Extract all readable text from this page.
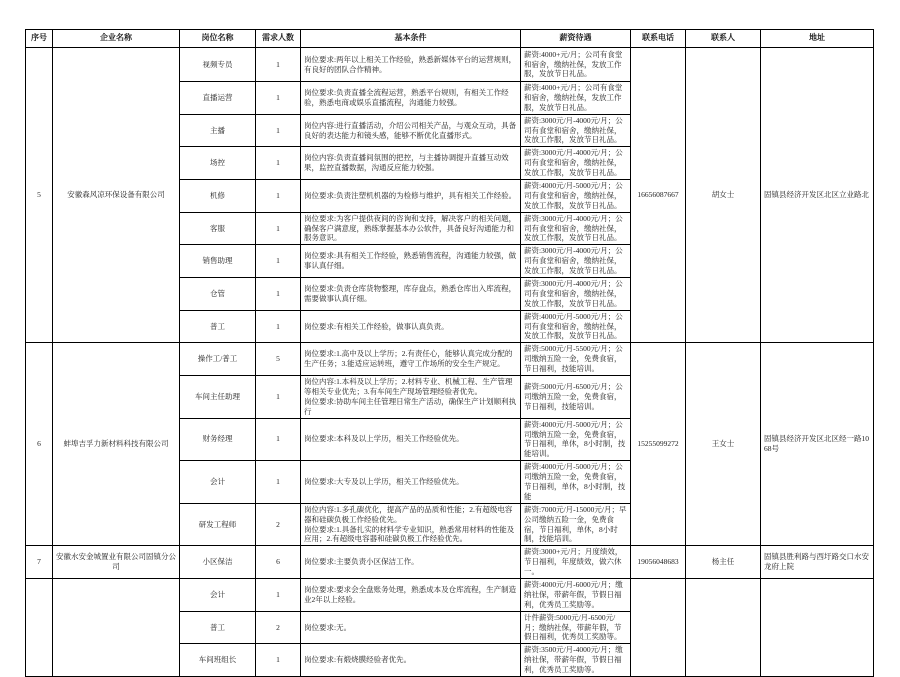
序号	企业名称	岗位名称	需求人数	基本条件	薪资待遇	联系电话	联系人	地址
5	安徽森风凉环保设备有限公司	视频专员	1	岗位要求:两年以上相关工作经验，熟悉新媒体平台的运营规则，有良好的团队合作精神。	薪资:4000+元/月；公司有食堂和宿舍，缴纳社保，发放工作服，发放节日礼品。	16656087667	胡女士	固镇县经济开发区北区立业路北
		直播运营	1	岗位要求:负责直播全流程运营，熟悉平台规则，有相关工作经验，熟悉电商或娱乐直播流程，沟通能力较强。	薪资:4000+元/月；公司有食堂和宿舍，缴纳社保，发放工作服，发放节日礼品。			
		主播	1	岗位内容:进行直播活动，介绍公司相关产品，与观众互动，具备良好的表达能力和镜头感，能够不断优化直播形式。	薪资:3000元/月-4000元/月；公司有食堂和宿舍，缴纳社保，发放工作服，发放节日礼品。			
		场控	1	岗位内容:负责直播间氛围的把控，与主播协调提升直播互动效果，监控直播数据，沟通反应能力较强。	薪资:3000元/月-4000元/月；公司有食堂和宿舍，缴纳社保，发放工作服，发放节日礼品。			
		机修	1	岗位要求:负责注塑机机器的为检修与维护，具有相关工作经验。	薪资:4000元/月-5000元/月；公司有食堂和宿舍，缴纳社保，发放工作服，发放节日礼品。			
		客服	1	岗位要求:为客户提供夜间的咨询和支持，解决客户的相关问题，确保客户满意度，熟练掌握基本办公软件，具备良好沟通能力和服务意识。	薪资:3000元/月-4000元/月；公司有食堂和宿舍，缴纳社保，发放工作服，发放节日礼品。			
		销售助理	1	岗位要求:具有相关工作经验，熟悉销售流程，沟通能力较强，做事认真仔细。	薪资:3000元/月-4000元/月；公司有食堂和宿舍，缴纳社保，发放工作服，发放节日礼品。			
		仓管	1	岗位要求:负责仓库货物整理，库存盘点，熟悉仓库出入库流程，需要做事认真仔细。	薪资:3000元/月-4000元/月；公司有食堂和宿舍，缴纳社保，发放工作服，发放节日礼品。			
		普工	1	岗位要求:有相关工作经验，做事认真负责。	薪资:4000元/月-5000元/月；公司有食堂和宿舍，缴纳社保，发放工作服，发放节日礼品。			
6	蚌埠吉孚力新材料科技有限公司	操作工/普工	5	岗位要求:1.高中及以上学历；2.有责任心，能够认真完成分配的生产任务；3.能适应运转班，遵守工作场所的安全生产规定。	薪资:5000元/月-5500元/月；公司缴纳五险一金，免费食宿，节日福利，技能培训。	15255099272	王女士	固镇县经济开发区北区经一路1068号
		车间主任助理	1	岗位内容:1.本科及以上学历；2.材料专业、机械工程、生产管理等相关专业优先；3.有车间生产现场管理经验者优先。
岗位要求:协助车间主任管理日常生产活动，确保生产计划顺利执行	薪资:5000元/月-6500元/月；公司缴纳五险一金，免费食宿，节日福利，技能培训。			
		财务经理	1	岗位要求:本科及以上学历，相关工作经验优先。	薪资:4000元/月-5000元/月；公司缴纳五险一金，免费食宿，节日福利，单休，8小时制，技能培训。			
		会计	1	岗位要求:大专及以上学历，相关工作经验优先。	薪资:4000元/月-5000元/月；公司缴纳五险一金，免费食宿，节日福利，单休，8小时制，技能			
		研发工程师	2	岗位内容:1.多孔碳优化，提高产品的品质和性能；2.有超级电容器和硅碳负极工作经验优先。
岗位要求:1.具备扎实的材料学专业知识，熟悉常用材料的性能及应用；2.有超级电容器和硅碳负极工作经验优先。	薪资:7000元/月-15000元/月；早公司缴纳五险一金，免费食宿，节日福利，单休，8小时制，技能培训。			
7	安徽水安金城置业有限公司固镇分公司	小区保洁	6	岗位要求:主要负责小区保洁工作。	薪资:3000+元/月；月度绩效，节日福利，年度绩效，做六休一。	19056048683	杨主任	固镇县胜利路与西圩路交口水安龙府上院
		会计	1	岗位要求:要求会全盘账务处理，熟悉成本及仓库流程，生产制造业2年以上经验。	薪资:4000元/月-6000元/月；缴纳社保，带薪年假，节假日福利，优秀员工奖励等。			
		普工	2	岗位要求:无。	计件薪资:5000元/月-6500元/月；缴纳社保，带薪年假，节假日福利，优秀员工奖励等。			
		车间班组长	1	岗位要求:有煅烧膜经验者优先。	薪资:3500元/月-4000元/月；缴纳社保，带薪年假，节假日福利，优秀员工奖励等。			
